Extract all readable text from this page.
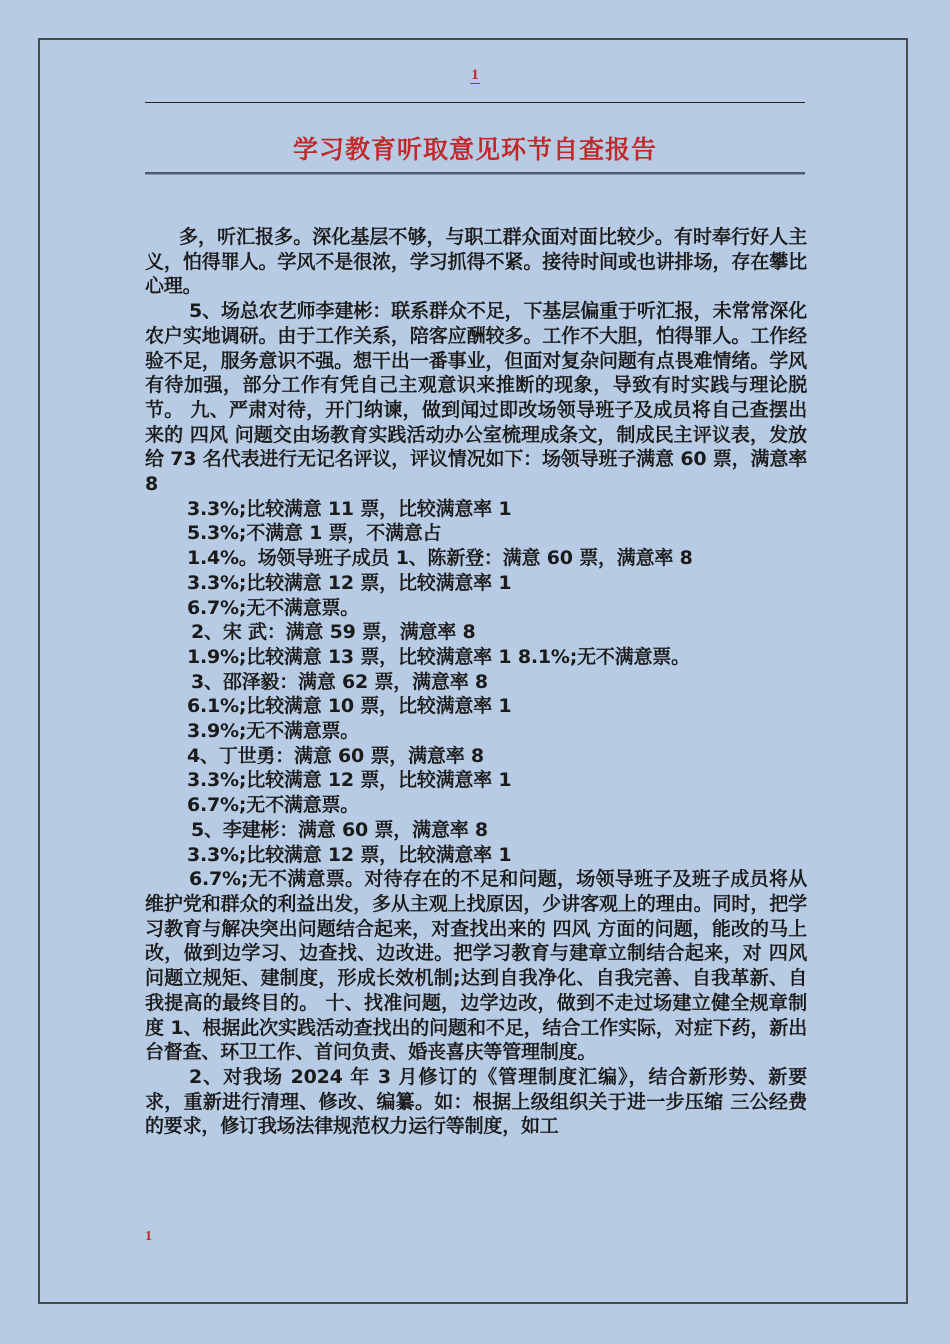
1
学习教育听取意见环节自查报告

多，听汇报多。深化基层不够，与职工群众面对面比较少。有时奉行好人主义，怕得罪人。学风不是很浓，学习抓得不紧。接待时间或也讲排场，存在攀比心理。

5、场总农艺师李建彬：联系群众不足，下基层偏重于听汇报，未常常深化农户实地调研。由于工作关系，陪客应酬较多。工作不大胆，怕得罪人。工作经验不足，服务意识不强。想干出一番事业，但面对复杂问题有点畏难情绪。学风有待加强，部分工作有凭自己主观意识来推断的现象，导致有时实践与理论脱节。 九、严肃对待，开门纳谏，做到闻过即改场领导班子及成员将自己查摆出来的 四风 问题交由场教育实践活动办公室梳理成条文，制成民主评议表，发放给 73 名代表进行无记名评议，评议情况如下：场领导班子满意 60 票，满意率 8

3.3%;比较满意 11 票，比较满意率 1

5.3%;不满意 1 票，不满意占

1.4%。场领导班子成员 1、陈新登：满意 60 票，满意率 8

3.3%;比较满意 12 票，比较满意率 1

6.7%;无不满意票。

2、宋 武：满意 59 票，满意率 8

1.9%;比较满意 13 票，比较满意率 1 8.1%;无不满意票。

3、邵泽毅：满意 62 票，满意率 8

6.1%;比较满意 10 票，比较满意率 1

3.9%;无不满意票。

4、丁世勇：满意 60 票，满意率 8

3.3%;比较满意 12 票，比较满意率 1

6.7%;无不满意票。

5、李建彬：满意 60 票，满意率 8

3.3%;比较满意 12 票，比较满意率 1

6.7%;无不满意票。对待存在的不足和问题，场领导班子及班子成员将从维护党和群众的利益出发，多从主观上找原因，少讲客观上的理由。同时，把学习教育与解决突出问题结合起来，对查找出来的 四风 方面的问题，能改的马上改，做到边学习、边查找、边改进。把学习教育与建章立制结合起来，对 四风 问题立规矩、建制度，形成长效机制;达到自我净化、自我完善、自我革新、自我提高的最终目的。 十、找准问题，边学边改，做到不走过场建立健全规章制度 1、根据此次实践活动查找出的问题和不足，结合工作实际，对症下药，新出台督查、环卫工作、首问负责、婚丧喜庆等管理制度。

2、对我场 2024 年 3 月修订的《管理制度汇编》，结合新形势、新要求，重新进行清理、修改、编纂。如：根据上级组织关于进一步压缩 三公经费 的要求，修订我场法律规范权力运行等制度，如工

1
